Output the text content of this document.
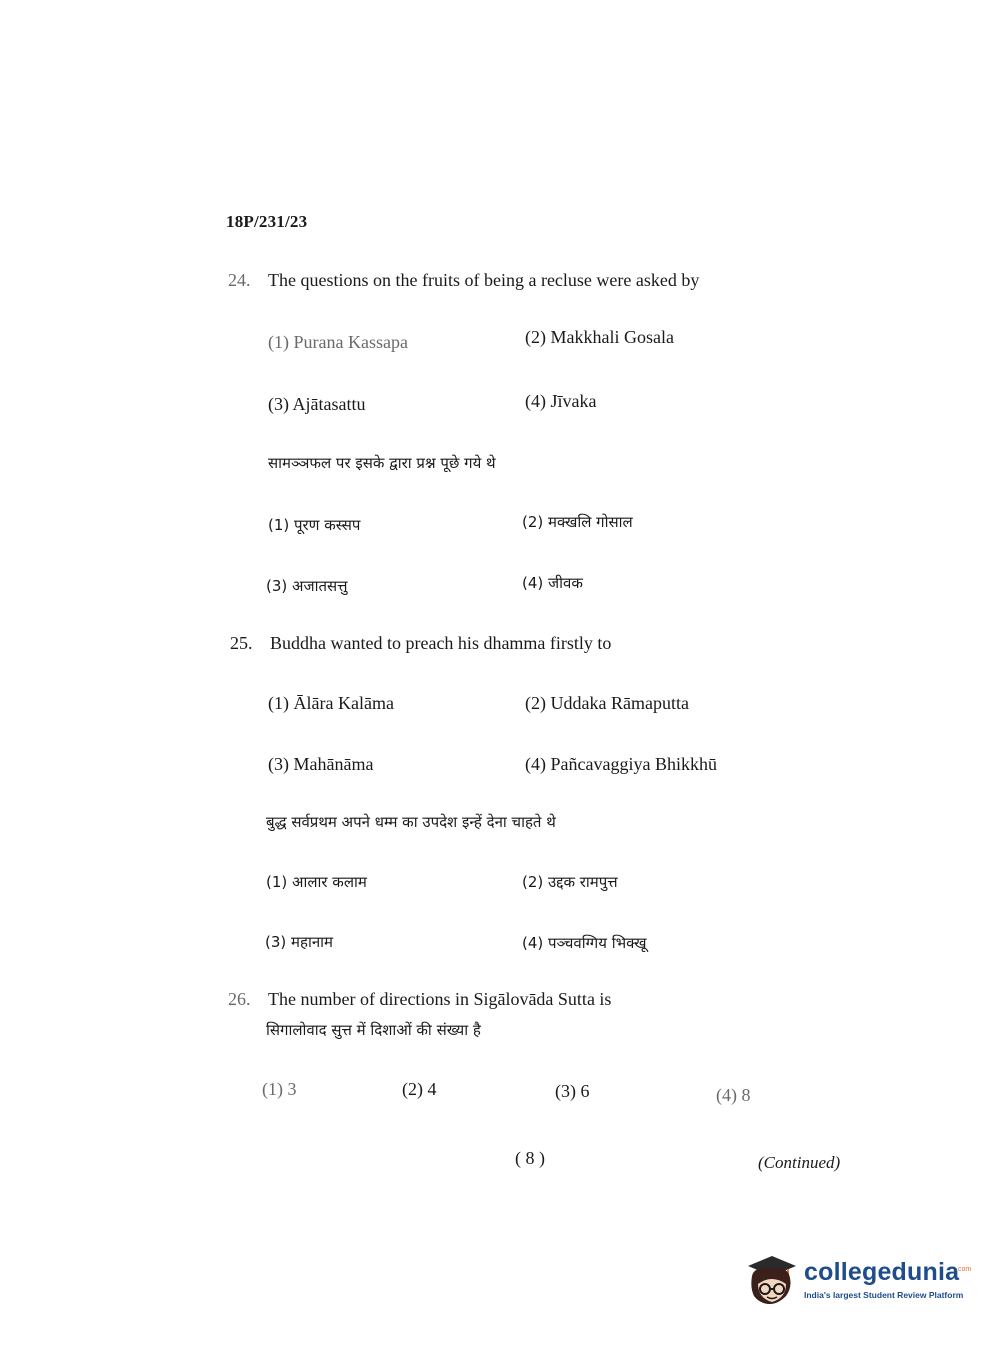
18P/231/23
24. The questions on the fruits of being a recluse were asked by
(1) Purana Kassapa	(2) Makkhali Gosala
(3) Ajātasattu	(4) Jīvaka
सामञ्ञफल पर इसके द्वारा प्रश्न पूछे गये थे
(1) पूरण कस्सप	(2) मक्खलि गोसाल
(3) अजातसत्तु	(4) जीवक
25. Buddha wanted to preach his dhamma firstly to
(1) Ālāra Kalāma	(2) Uddaka Rāmaputta
(3) Mahānāma	(4) Pañcavaggiya Bhikkhū
बुद्ध सर्वप्रथम अपने धम्म का उपदेश इन्हें देना चाहते थे
(1) आलार कलाम	(2) उद्दक रामपुत्त
(3) महानाम	(4) पञ्चवग्गिय भिक्खू
26. The number of directions in Sigālovāda Sutta is
सिगालोवाद सुत्त में दिशाओं की संख्या है
(1) 3	(2) 4	(3) 6	(4) 8
( 8 )	(Continued)
collegedunia
.com
India's largest Student Review Platform
